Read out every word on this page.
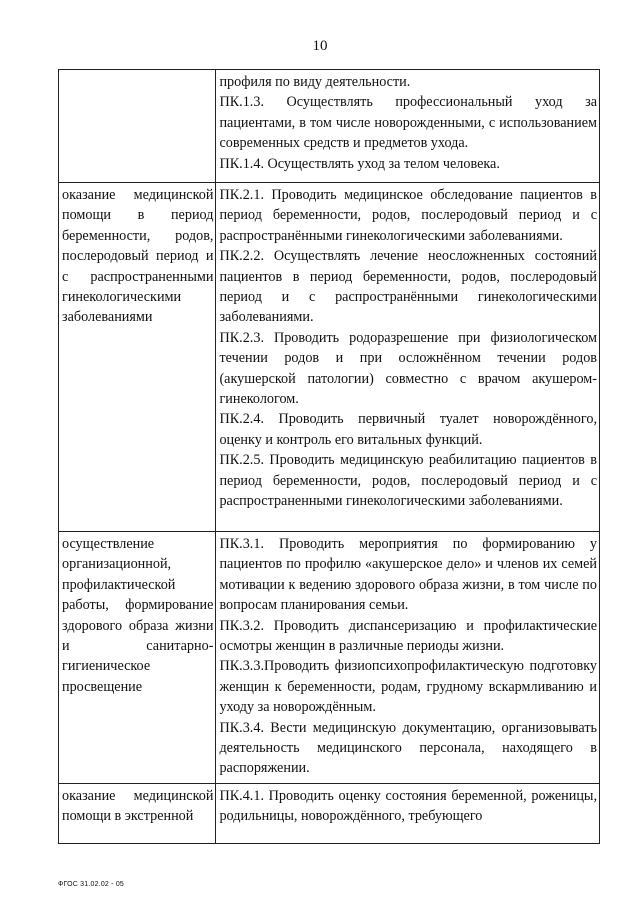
10

	профиля по виду деятельности.
ПК.1.3. Осуществлять профессиональный уход за пациентами, в том числе новорожденными, с использованием современных средств и предметов ухода.
ПК.1.4. Осуществлять уход за телом человека.

оказание медицинской помощи в период беременности, родов, послеродовый период и с распространенными гинекологическими заболеваниями	ПК.2.1. Проводить медицинское обследование пациентов в период беременности, родов, послеродовый период и с распространёнными гинекологическими заболеваниями.
ПК.2.2. Осуществлять лечение неосложненных состояний пациентов в период беременности, родов, послеродовый период и с распространёнными гинекологическими заболеваниями.
ПК.2.3. Проводить родоразрешение при физиологическом течении родов и при осложнённом течении родов (акушерской патологии) совместно с врачом акушером-гинекологом.
ПК.2.4. Проводить первичный туалет новорождённого, оценку и контроль его витальных функций.
ПК.2.5. Проводить медицинскую реабилитацию пациентов в период беременности, родов, послеродовый период и с распространенными гинекологическими заболеваниями.

осуществление организационной, профилактической работы, формирование здорового образа жизни и санитарно-гигиеническое просвещение	ПК.3.1. Проводить мероприятия по формированию у пациентов по профилю «акушерское дело» и членов их семей мотивации к ведению здорового образа жизни, в том числе по вопросам планирования семьи.
ПК.3.2. Проводить диспансеризацию и профилактические осмотры женщин в различные периоды жизни.
ПК.3.3.Проводить физиопсихопрофилактическую подготовку женщин к беременности, родам, грудному вскармливанию и уходу за новорождённым.
ПК.3.4. Вести медицинскую документацию, организовывать деятельность медицинского персонала, находящего в распоряжении.

оказание медицинской помощи в экстренной	ПК.4.1. Проводить оценку состояния беременной, роженицы, родильницы, новорождённого, требующего
ФГОС 31.02.02 - 05
